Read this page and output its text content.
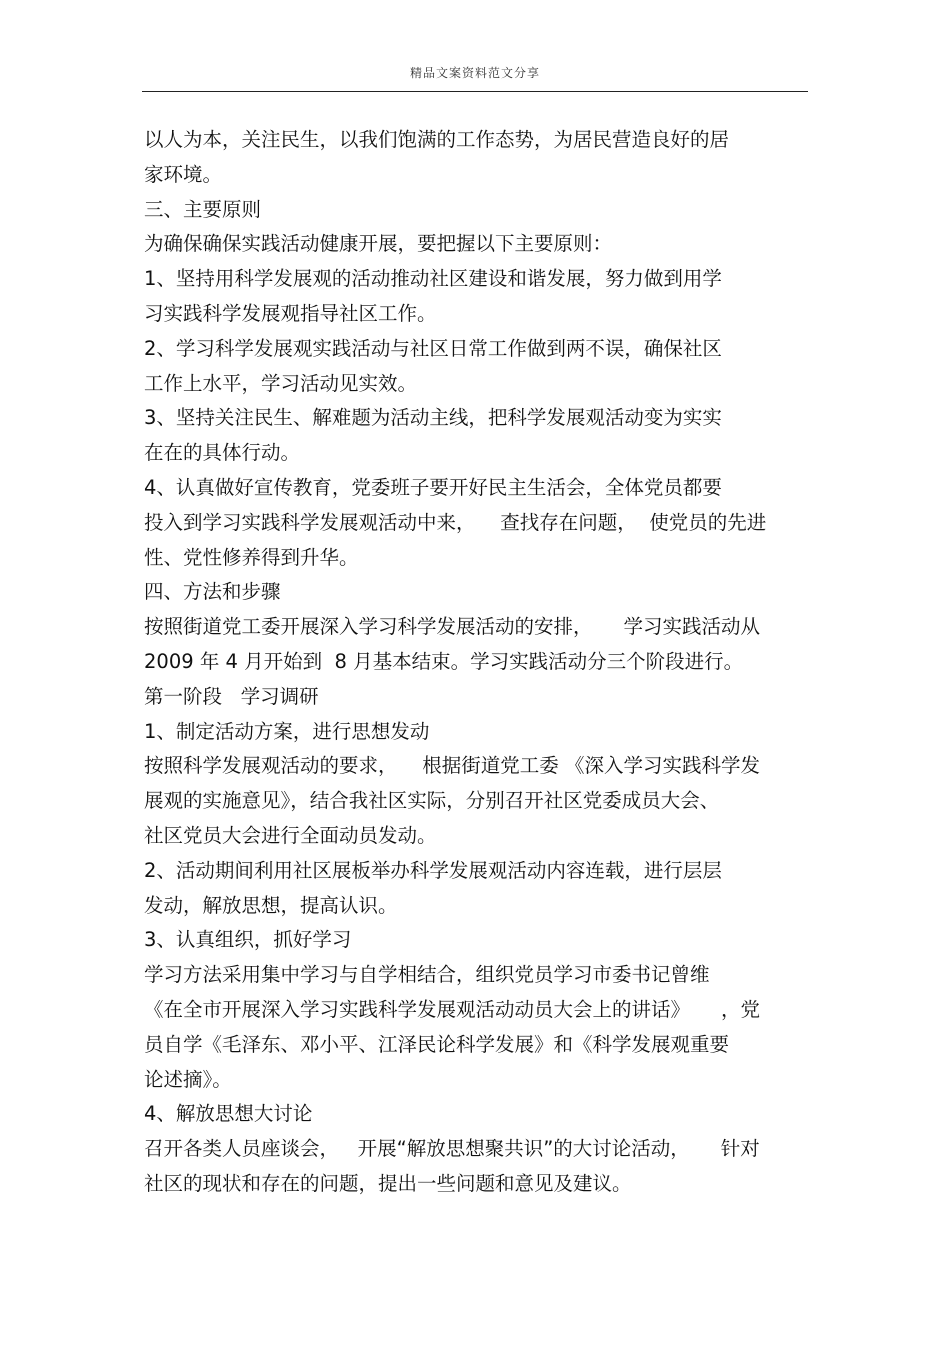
精品文案资料范文分享
以人为本，关注民生，以我们饱满的工作态势，为居民营造良好的居
家环境。
三、主要原则
为确保确保实践活动健康开展，要把握以下主要原则：
1、坚持用科学发展观的活动推动社区建设和谐发展，努力做到用学
习实践科学发展观指导社区工作。
2、学习科学发展观实践活动与社区日常工作做到两不误，确保社区
工作上水平，学习活动见实效。
3、坚持关注民生、解难题为活动主线，把科学发展观活动变为实实
在在的具体行动。
4、认真做好宣传教育，党委班子要开好民主生活会，全体党员都要
投入到学习实践科学发展观活动中来，    查找存在问题，  使党员的先进
性、党性修养得到升华。
四、方法和步骤
按照街道党工委开展深入学习科学发展活动的安排，     学习实践活动从
2009 年 4 月开始到  8 月基本结束。学习实践活动分三个阶段进行。
第一阶段   学习调研
1、制定活动方案，进行思想发动
按照科学发展观活动的要求，    根据街道党工委 《深入学习实践科学发
展观的实施意见》，结合我社区实际，分别召开社区党委成员大会、
社区党员大会进行全面动员发动。
2、活动期间利用社区展板举办科学发展观活动内容连载，进行层层
发动，解放思想，提高认识。
3、认真组织，抓好学习
学习方法采用集中学习与自学相结合，组织党员学习市委书记曾维
《在全市开展深入学习实践科学发展观活动动员大会上的讲话》     ，党
员自学《毛泽东、邓小平、江泽民论科学发展》和《科学发展观重要
论述摘》。
4、解放思想大讨论
召开各类人员座谈会，   开展“解放思想聚共识”的大讨论活动，     针对
社区的现状和存在的问题，提出一些问题和意见及建议。
